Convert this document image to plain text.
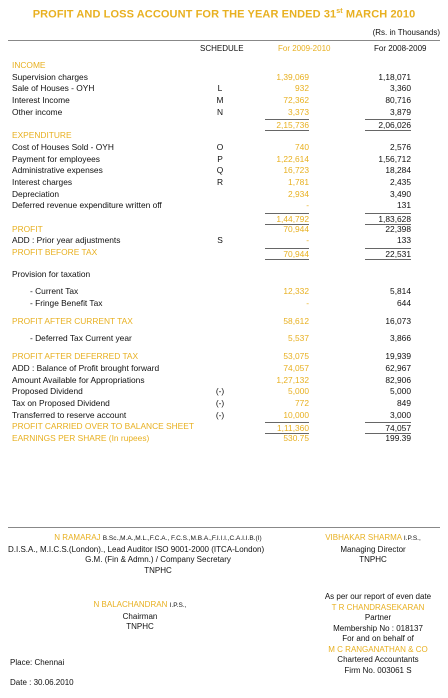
PROFIT AND LOSS ACCOUNT FOR THE YEAR ENDED 31st MARCH 2010
(Rs. in Thousands)
SCHEDULE	For 2009-2010	For 2008-2009
INCOME
Supervision charges	1,39,069	1,18,071
Sale of Houses - OYH	L	932	3,360
Interest Income	M	72,362	80,716
Other income	N	3,373	3,879
2,15,736	2,06,026
EXPENDITURE
Cost of Houses Sold - OYH	O	740	2,576
Payment for employees	P	1,22,614	1,56,712
Administrative expenses	Q	16,723	18,284
Interest charges	R	1,781	2,435
Depreciation	2,934	3,490
Deferred revenue expenditure written off	-	131
1,44,792	1,83,628
PROFIT	70,944	22,398
ADD : Prior year adjustments	S	-	133
PROFIT BEFORE TAX	70,944	22,531
Provision for taxation
- Current Tax	12,332	5,814
- Fringe Benefit Tax	-	644
PROFIT AFTER CURRENT TAX	58,612	16,073
- Deferred Tax Current year	5,537	3,866
PROFIT AFTER DEFERRED TAX	53,075	19,939
ADD : Balance of Profit brought forward	74,057	62,967
Amount Available for Appropriations	1,27,132	82,906
Proposed Dividend	(-)	5,000	5,000
Tax on Proposed Dividend	(-)	772	849
Transferred to reserve account	(-)	10,000	3,000
PROFIT CARRIED OVER TO BALANCE SHEET	1,11,360	74,057
EARNINGS PER SHARE (In rupees)	530.75	199.39
N RAMARAJ B.Sc.,M.A.,M.L.,F.C.A., F.C.S.,M.B.A.,F.I.I.I.,C.A.I.I.B.(I)
D.I.S.A., M.I.C.S.(London)., Lead Auditor ISO 9001-2000 (ITCA-London)
G.M. (Fin & Admn.) / Company Secretary
TNPHC
VIBHAKAR SHARMA I.P.S.,
Managing Director
TNPHC
N BALACHANDRAN I.P.S.,
Chairman
TNPHC
As per our report of even date
T R CHANDRASEKARAN
Partner
Membership No : 018137
For and on behalf of
M C RANGANATHAN & CO
Chartered Accountants
Firm No. 003061 S
Place: Chennai
Date : 30.06.2010
